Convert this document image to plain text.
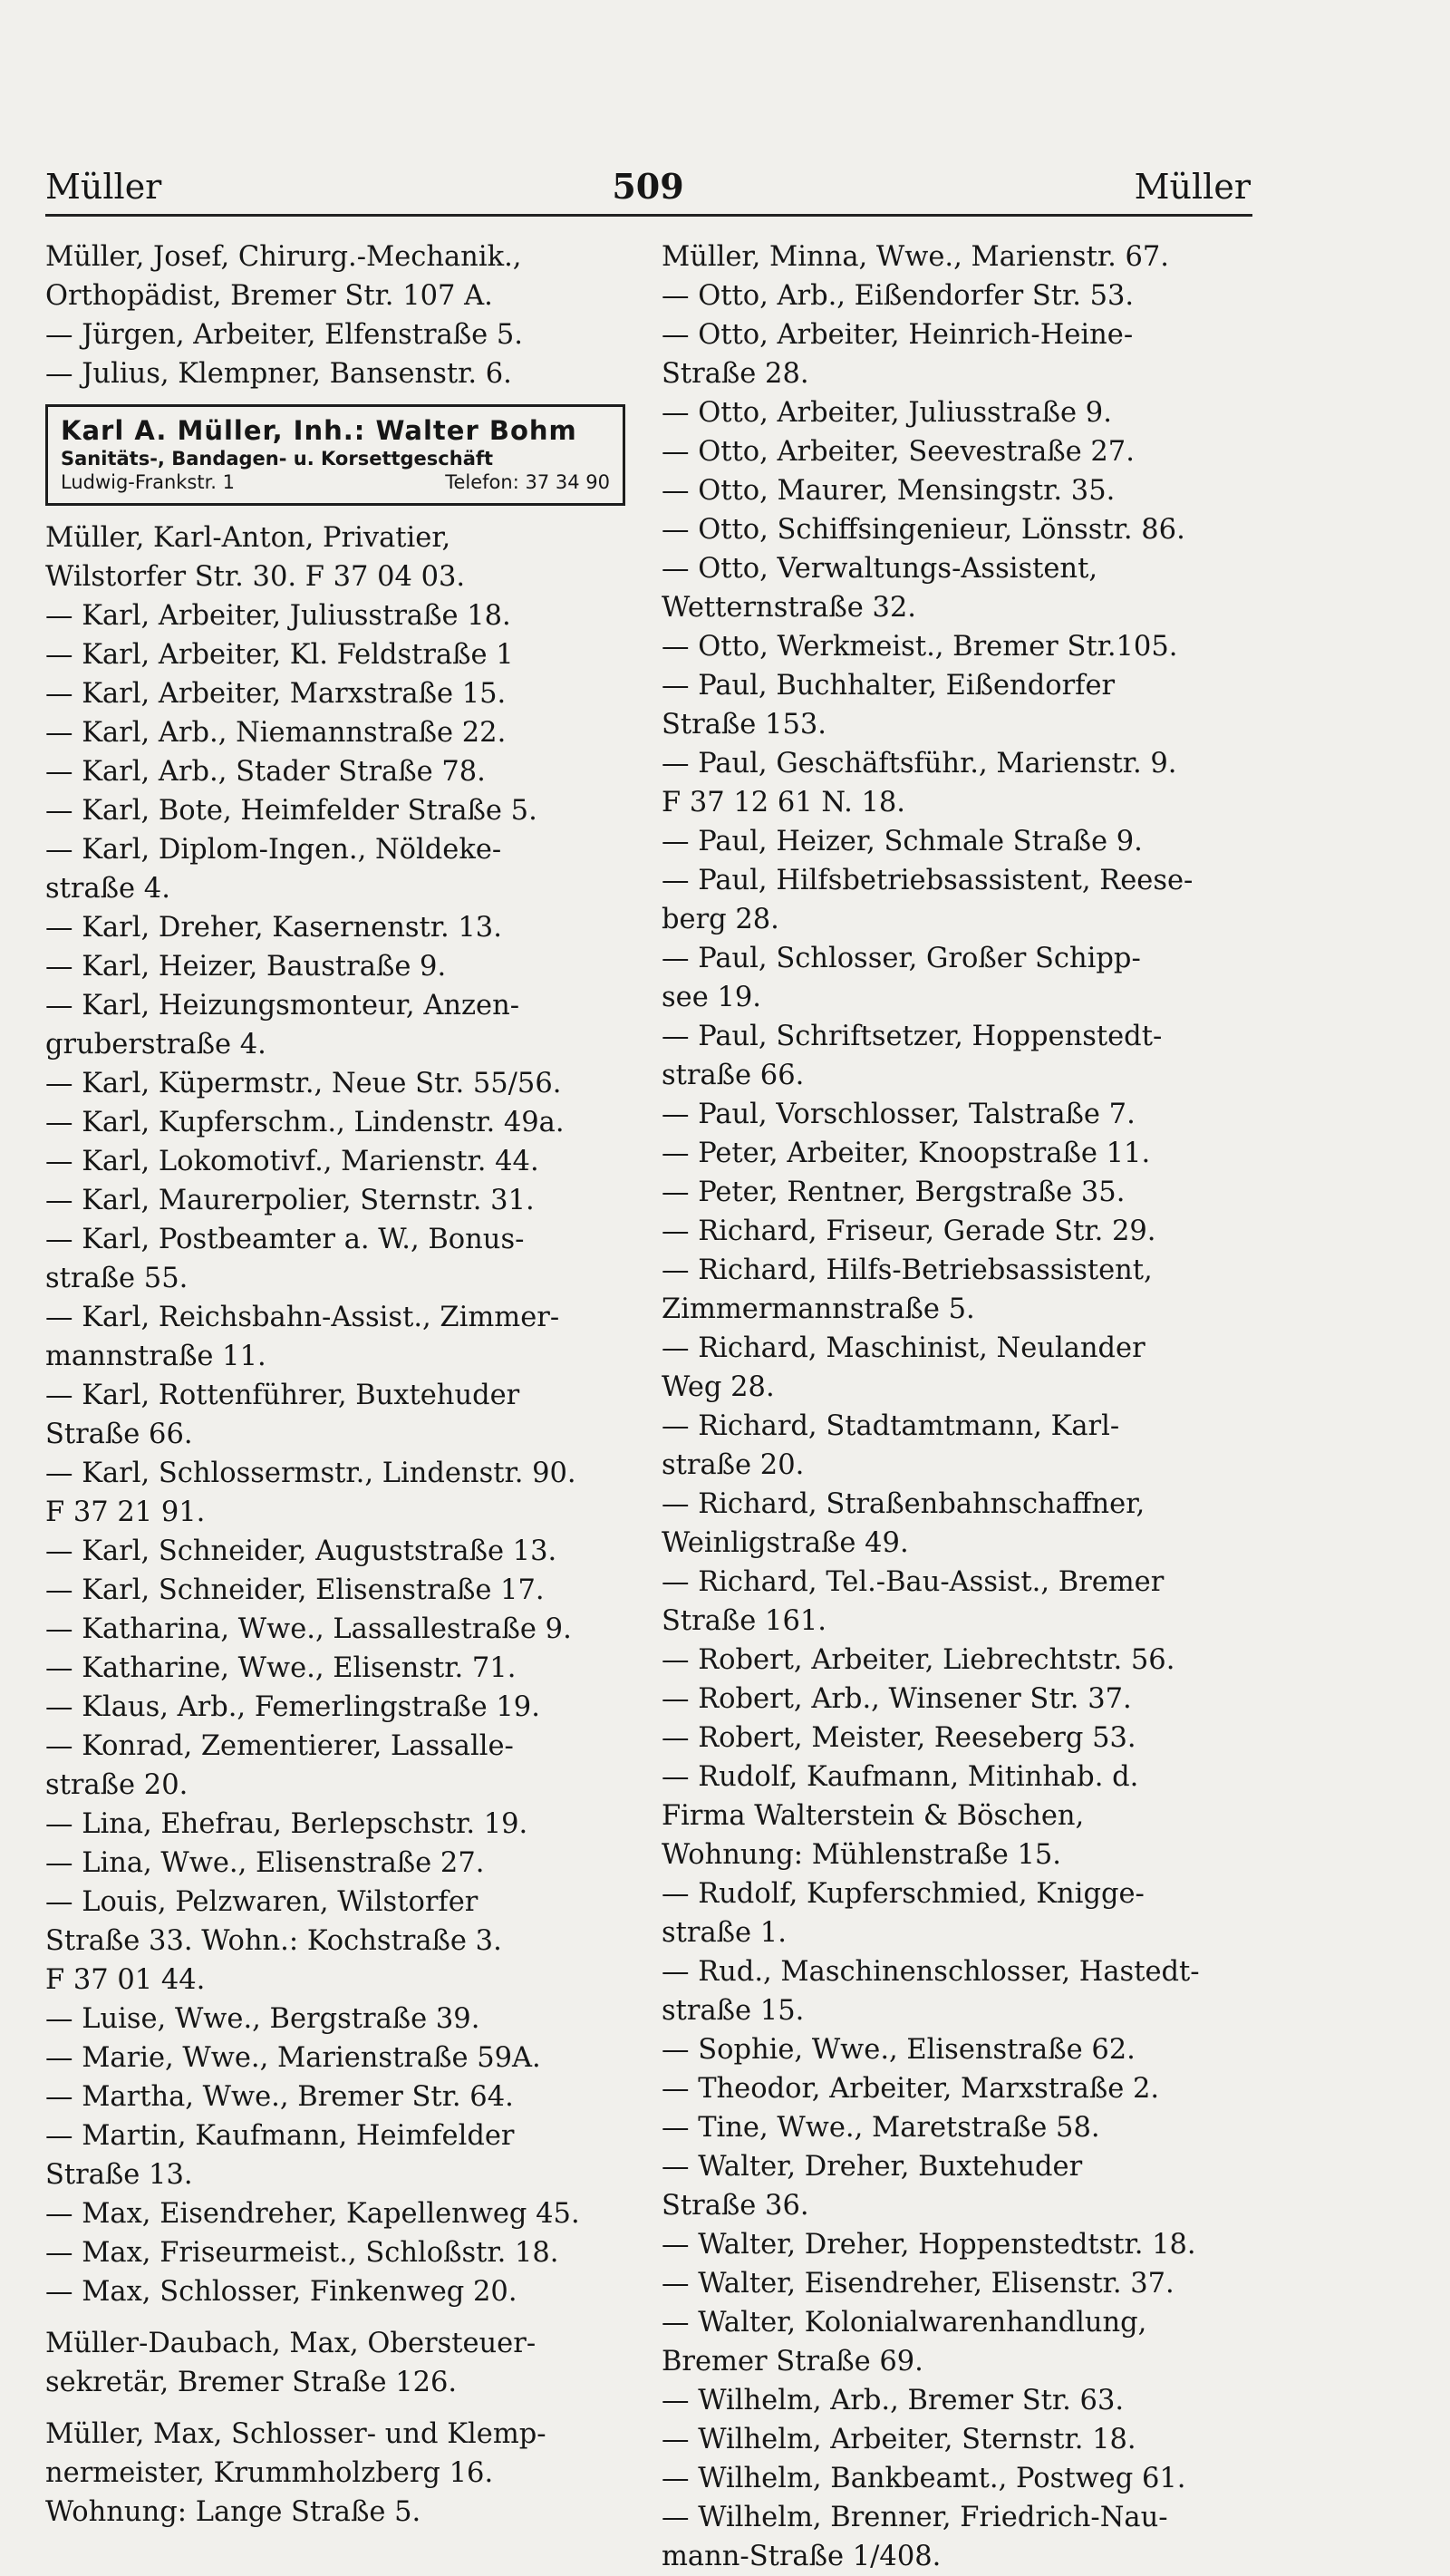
Müller	509	Müller
Müller, Josef, Chirurg.-Mechanik.,
Orthopädist, Bremer Str. 107 A.
— Jürgen, Arbeiter, Elfenstraße 5.
— Julius, Klempner, Bansenstr. 6.
Karl A. Müller, Inh.: Walter Bohm
Sanitäts-, Bandagen- u. Korsettgeschäft
Ludwig-Frankstr. 1	Telefon: 37 34 90
Müller, Karl-Anton, Privatier,
Wilstorfer Str. 30. F 37 04 03.
— Karl, Arbeiter, Juliusstraße 18.
— Karl, Arbeiter, Kl. Feldstraße 1
— Karl, Arbeiter, Marxstraße 15.
— Karl, Arb., Niemannstraße 22.
— Karl, Arb., Stader Straße 78.
— Karl, Bote, Heimfelder Straße 5.
— Karl, Diplom-Ingen., Nöldeke-
straße 4.
— Karl, Dreher, Kasernenstr. 13.
— Karl, Heizer, Baustraße 9.
— Karl, Heizungsmonteur, Anzen-
gruberstraße 4.
— Karl, Küpermstr., Neue Str. 55/56.
— Karl, Kupferschm., Lindenstr. 49a.
— Karl, Lokomotivf., Marienstr. 44.
— Karl, Maurerpolier, Sternstr. 31.
— Karl, Postbeamter a. W., Bonus-
straße 55.
— Karl, Reichsbahn-Assist., Zimmer-
mannstraße 11.
— Karl, Rottenführer, Buxtehuder
Straße 66.
— Karl, Schlossermstr., Lindenstr. 90.
F 37 21 91.
— Karl, Schneider, Auguststraße 13.
— Karl, Schneider, Elisenstraße 17.
— Katharina, Wwe., Lassallestraße 9.
— Katharine, Wwe., Elisenstr. 71.
— Klaus, Arb., Femerlingstraße 19.
— Konrad, Zementierer, Lassalle-
straße 20.
— Lina, Ehefrau, Berlepschstr. 19.
— Lina, Wwe., Elisenstraße 27.
— Louis, Pelzwaren, Wilstorfer
Straße 33. Wohn.: Kochstraße 3.
F 37 01 44.
— Luise, Wwe., Bergstraße 39.
— Marie, Wwe., Marienstraße 59A.
— Martha, Wwe., Bremer Str. 64.
— Martin, Kaufmann, Heimfelder
Straße 13.
— Max, Eisendreher, Kapellenweg 45.
— Max, Friseurmeist., Schloßstr. 18.
— Max, Schlosser, Finkenweg 20.
Müller-Daubach, Max, Obersteuer-
sekretär, Bremer Straße 126.
Müller, Max, Schlosser- und Klemp-
nermeister, Krummholzberg 16.
Wohnung: Lange Straße 5.
Müller, Minna, Wwe., Marienstr. 67.
— Otto, Arb., Eißendorfer Str. 53.
— Otto, Arbeiter, Heinrich-Heine-
Straße 28.
— Otto, Arbeiter, Juliusstraße 9.
— Otto, Arbeiter, Seevestraße 27.
— Otto, Maurer, Mensingstr. 35.
— Otto, Schiffsingenieur, Lönsstr. 86.
— Otto, Verwaltungs-Assistent,
Wetternstraße 32.
— Otto, Werkmeist., Bremer Str.105.
— Paul, Buchhalter, Eißendorfer
Straße 153.
— Paul, Geschäftsführ., Marienstr. 9.
F 37 12 61 N. 18.
— Paul, Heizer, Schmale Straße 9.
— Paul, Hilfsbetriebsassistent, Reese-
berg 28.
— Paul, Schlosser, Großer Schipp-
see 19.
— Paul, Schriftsetzer, Hoppenstedt-
straße 66.
— Paul, Vorschlosser, Talstraße 7.
— Peter, Arbeiter, Knoopstraße 11.
— Peter, Rentner, Bergstraße 35.
— Richard, Friseur, Gerade Str. 29.
— Richard, Hilfs-Betriebsassistent,
Zimmermannstraße 5.
— Richard, Maschinist, Neulander
Weg 28.
— Richard, Stadtamtmann, Karl-
straße 20.
— Richard, Straßenbahnschaffner,
Weinligstraße 49.
— Richard, Tel.-Bau-Assist., Bremer
Straße 161.
— Robert, Arbeiter, Liebrechtstr. 56.
— Robert, Arb., Winsener Str. 37.
— Robert, Meister, Reeseberg 53.
— Rudolf, Kaufmann, Mitinhab. d.
Firma Walterstein & Böschen,
Wohnung: Mühlenstraße 15.
— Rudolf, Kupferschmied, Knigge-
straße 1.
— Rud., Maschinenschlosser, Hastedt-
straße 15.
— Sophie, Wwe., Elisenstraße 62.
— Theodor, Arbeiter, Marxstraße 2.
— Tine, Wwe., Maretstraße 58.
— Walter, Dreher, Buxtehuder
Straße 36.
— Walter, Dreher, Hoppenstedtstr. 18.
— Walter, Eisendreher, Elisenstr. 37.
— Walter, Kolonialwarenhandlung,
Bremer Straße 69.
— Wilhelm, Arb., Bremer Str. 63.
— Wilhelm, Arbeiter, Sternstr. 18.
— Wilhelm, Bankbeamt., Postweg 61.
— Wilhelm, Brenner, Friedrich-Nau-
mann-Straße 1/408.
